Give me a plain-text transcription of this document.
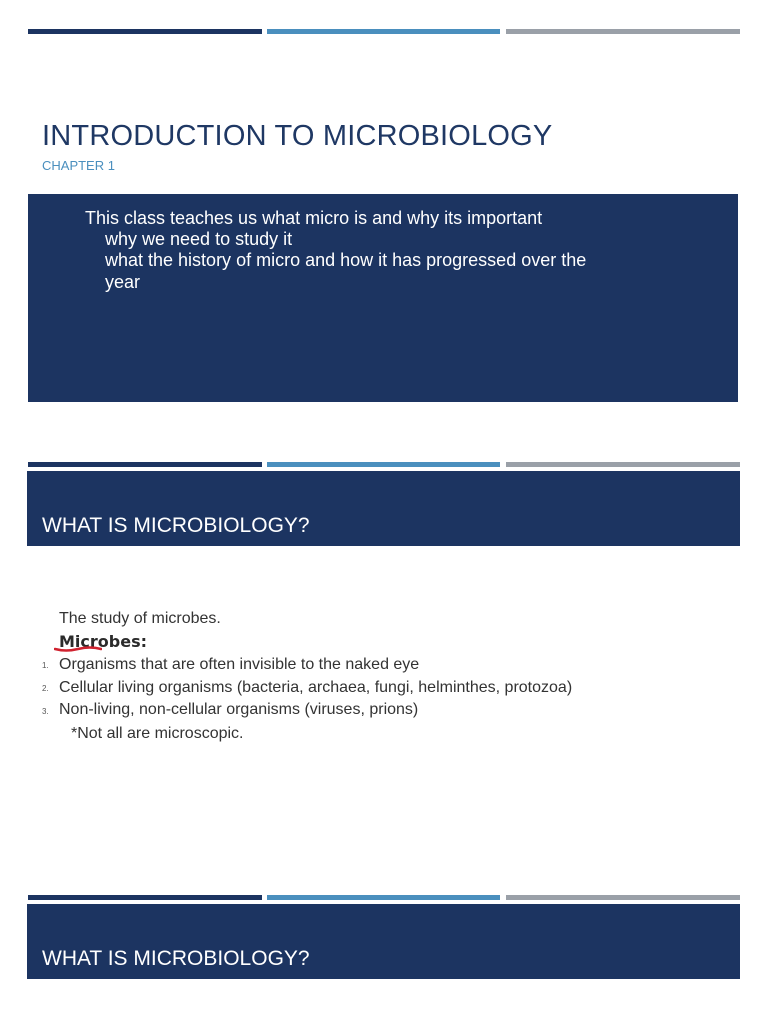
INTRODUCTION TO MICROBIOLOGY
CHAPTER 1
This class teaches us what micro is and why its important
why we need to study it
what the history of micro and how it has progressed over the
year
WHAT IS MICROBIOLOGY?
The study of microbes.
Microbes:
1. Organisms that are often invisible to the naked eye
2. Cellular living organisms (bacteria, archaea, fungi, helminthes, protozoa)
3. Non-living, non-cellular organisms (viruses, prions)
*Not all are microscopic.
WHAT IS MICROBIOLOGY?
